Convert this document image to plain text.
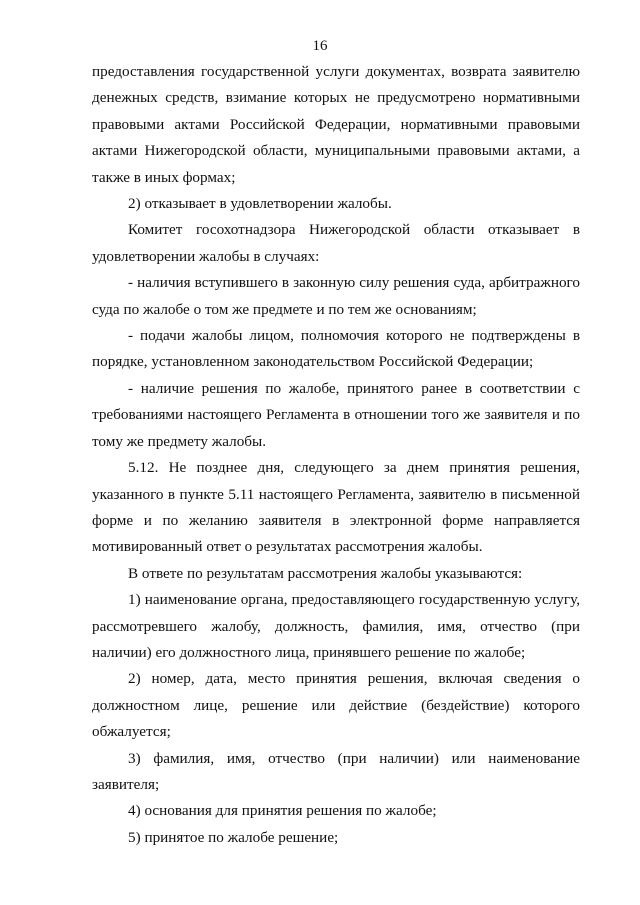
16

предоставления государственной услуги документах, возврата заявителю денежных средств, взимание которых не предусмотрено нормативными правовыми актами Российской Федерации, нормативными правовыми актами Нижегородской области, муниципальными правовыми актами, а также в иных формах;

2) отказывает в удовлетворении жалобы.

Комитет госохотнадзора Нижегородской области отказывает в удовлетворении жалобы в случаях:

- наличия вступившего в законную силу решения суда, арбитражного суда по жалобе о том же предмете и по тем же основаниям;

- подачи жалобы лицом, полномочия которого не подтверждены в порядке, установленном законодательством Российской Федерации;

- наличие решения по жалобе, принятого ранее в соответствии с требованиями настоящего Регламента в отношении того же заявителя и по тому же предмету жалобы.

5.12. Не позднее дня, следующего за днем принятия решения, указанного в пункте 5.11 настоящего Регламента, заявителю в письменной форме и по желанию заявителя в электронной форме направляется мотивированный ответ о результатах рассмотрения жалобы.

В ответе по результатам рассмотрения жалобы указываются:

1) наименование органа, предоставляющего государственную услугу, рассмотревшего жалобу, должность, фамилия, имя, отчество (при наличии) его должностного лица, принявшего решение по жалобе;

2) номер, дата, место принятия решения, включая сведения о должностном лице, решение или действие (бездействие) которого обжалуется;

3) фамилия, имя, отчество (при наличии) или наименование заявителя;

4) основания для принятия решения по жалобе;

5) принятое по жалобе решение;
